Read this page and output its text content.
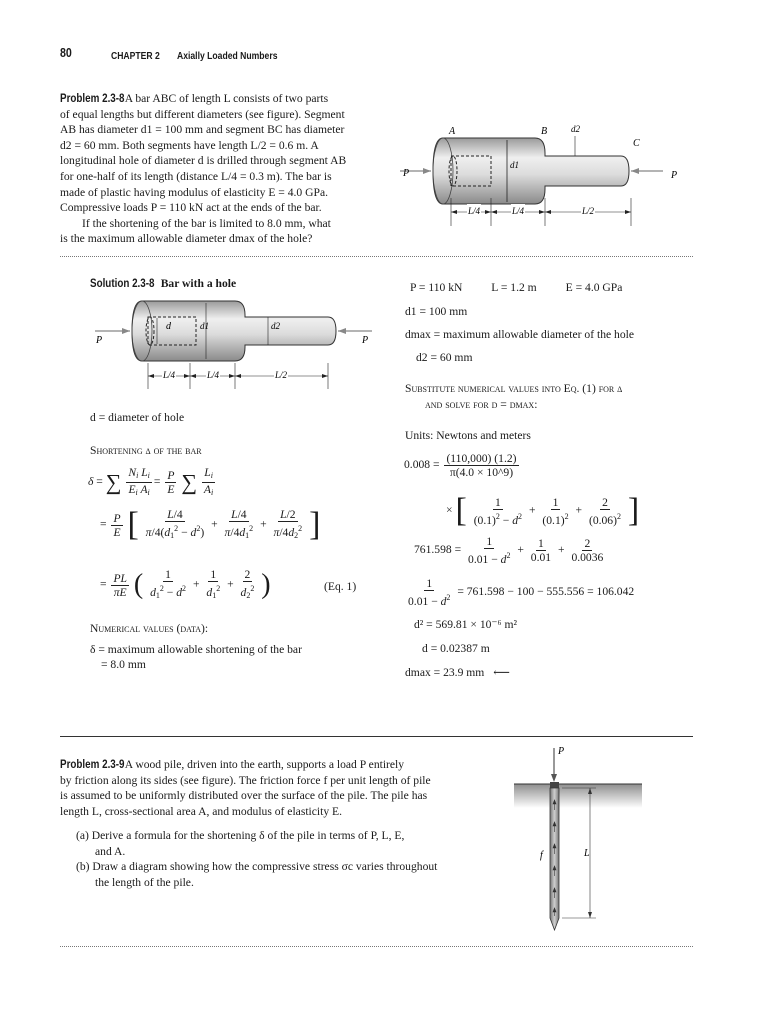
80	CHAPTER 2 Axially Loaded Numbers
Problem 2.3-8A bar ABC of length L consists of two parts
of equal lengths but different diameters (see figure). Segment
AB has diameter d1 = 100 mm and segment BC has diameter
d2 = 60 mm. Both segments have length L/2 = 0.6 m. A
longitudinal hole of diameter d is drilled through segment AB
for one-half of its length (distance L/4 = 0.3 m). The bar is
made of plastic having modulus of elasticity E = 4.0 GPa.
Compressive loads P = 110 kN act at the ends of the bar.
If the shortening of the bar is limited to 8.0 mm, what
is the maximum allowable diameter dmax of the hole?
A	B
C
d2
d1
P	P
L/4	L/4	L/2
Solution 2.3-8 Bar with a hole
d	d1	d2
P	P
L/4	L/4	L/2
d = diameter of hole
Shortening δ of the bar
δ = ∑ $\frac{N_i L_i}{E_i A_i} = \frac{P}{E}$ ∑ $\frac{L_i}{A_i}$
= $\frac{P}{E}$ [ $\frac{L/4}{\pi/4(d_1^2 - d^2)} + \frac{L/4}{\pi/4d_1^2} + \frac{L/2}{\pi/4d_2^2}$ ]
= $\frac{PL}{\pi E}$ ( $\frac{1}{d_1^2 - d^2} + \frac{1}{d_1^2} + \frac{2}{d_2^2}$ )	(Eq. 1)
Numerical values (data):
δ = maximum allowable shortening of the bar
= 8.0 mm
P = 110 kN L = 1.2 m E = 4.0 GPa
d1 = 100 mm
dmax = maximum allowable diameter of the hole
d2 = 60 mm
Substitute numerical values into Eq. (1) for δ
and solve for d = dmax:
Units: Newtons and meters
$0.008 = \frac{(110,000) (1.2)}{\pi(4.0 \times 10\^{}9)}$
× [ $\frac{1}{(0.1)^2 - d^2} + \frac{1}{(0.1)^2} + \frac{2}{(0.06)^2}$ ]
$761.598 = \frac{1}{0.01 - d^2} + \frac{1}{0.01} + \frac{2}{0.0036}$
$\frac{1}{0.01 - d^2} = 761.598 - 100 - 555.556 = 106.042$
d² = 569.81 × 10⁻⁶ m²
d = 0.02387 m
dmax = 23.9 mm ⟵
Problem 2.3-9A wood pile, driven into the earth, supports a load P entirely
by friction along its sides (see figure). The friction force f per unit length of pile
is assumed to be uniformly distributed over the surface of the pile. The pile has
length L, cross-sectional area A, and modulus of elasticity E.
(a) Derive a formula for the shortening δ of the pile in terms of P, L, E,
and A.
(b) Draw a diagram showing how the compressive stress σc varies throughout
the length of the pile.
P
f	L
